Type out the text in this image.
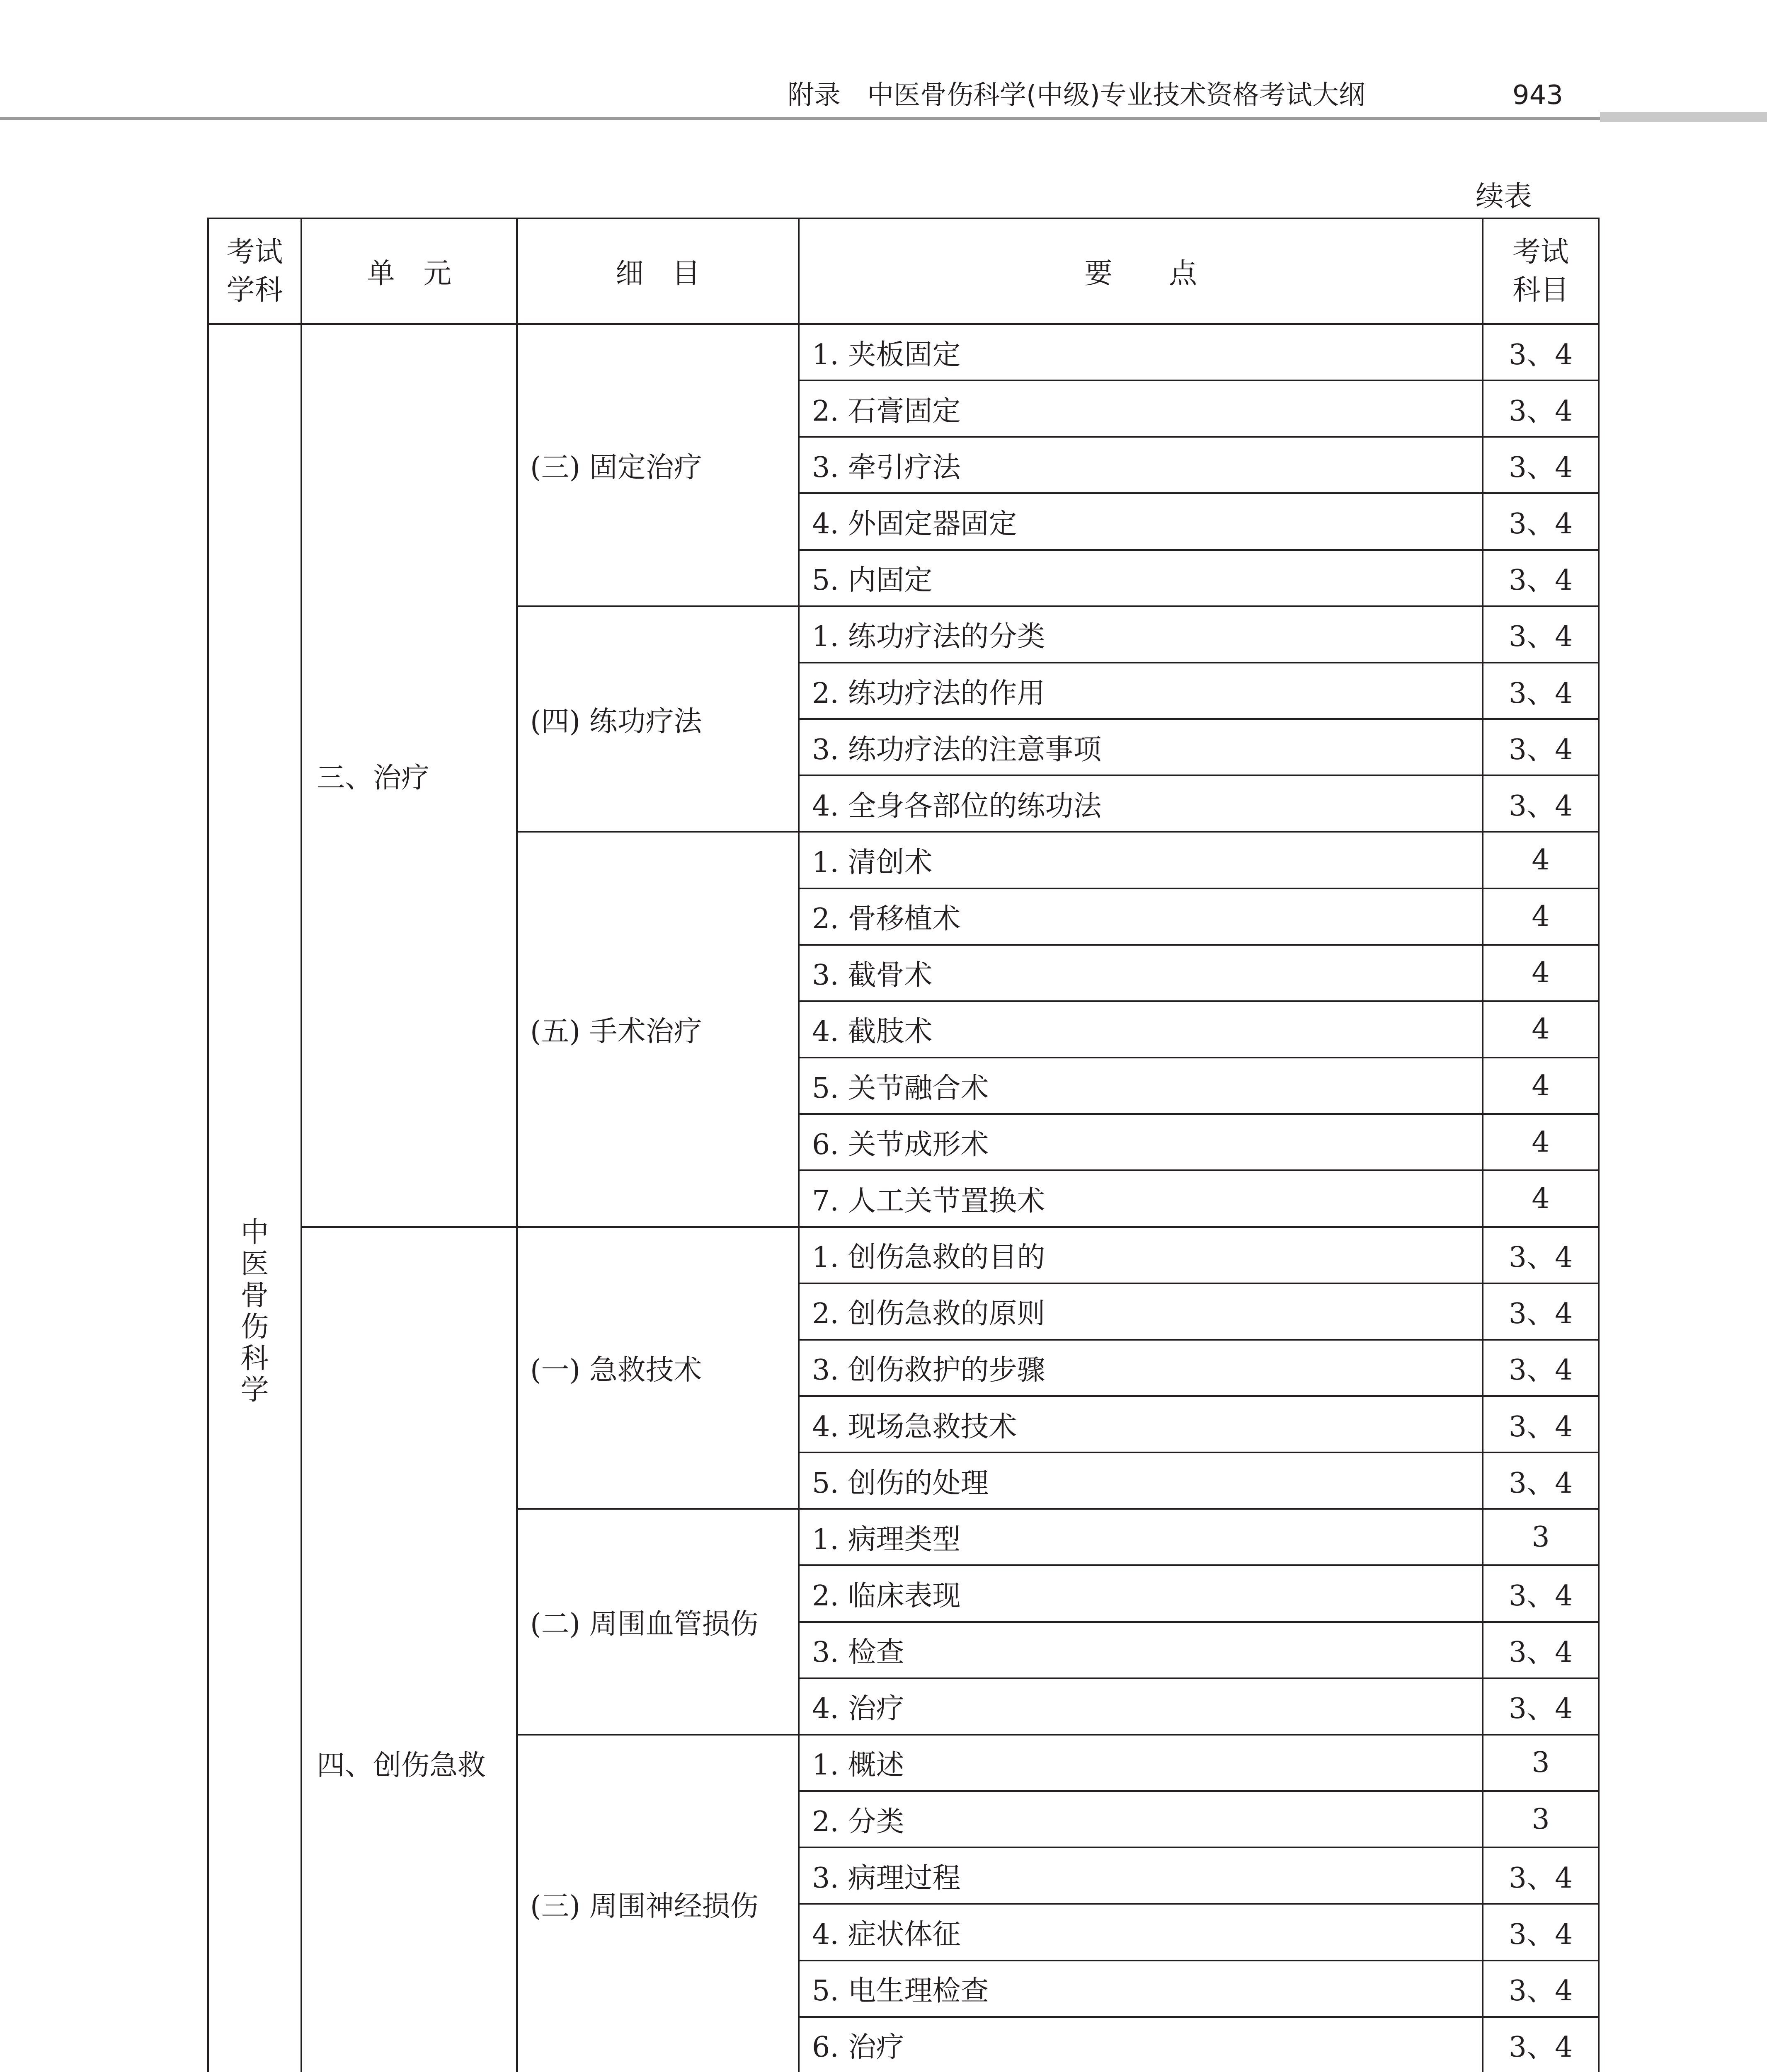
附录　中医骨伤科学(中级)专业技术资格考试大纲	943
续表
考试学科	单　元	细　目	要　　点	考试科目

中医骨伤科学	三、治疗	(三) 固定治疗	1. 夹板固定	3、4
			2. 石膏固定	3、4
			3. 牵引疗法	3、4
			4. 外固定器固定	3、4
			5. 内固定	3、4
		(四) 练功疗法	1. 练功疗法的分类	3、4
			2. 练功疗法的作用	3、4
			3. 练功疗法的注意事项	3、4
			4. 全身各部位的练功法	3、4
		(五) 手术治疗	1. 清创术	4
			2. 骨移植术	4
			3. 截骨术	4
			4. 截肢术	4
			5. 关节融合术	4
			6. 关节成形术	4
			7. 人工关节置换术	4
	四、创伤急救	(一) 急救技术	1. 创伤急救的目的	3、4
			2. 创伤急救的原则	3、4
			3. 创伤救护的步骤	3、4
			4. 现场急救技术	3、4
			5. 创伤的处理	3、4
		(二) 周围血管损伤	1. 病理类型	3
			2. 临床表现	3、4
			3. 检查	3、4
			4. 治疗	3、4
		(三) 周围神经损伤	1. 概述	3
			2. 分类	3
			3. 病理过程	3、4
			4. 症状体征	3、4
			5. 电生理检查	3、4
			6. 治疗	3、4
